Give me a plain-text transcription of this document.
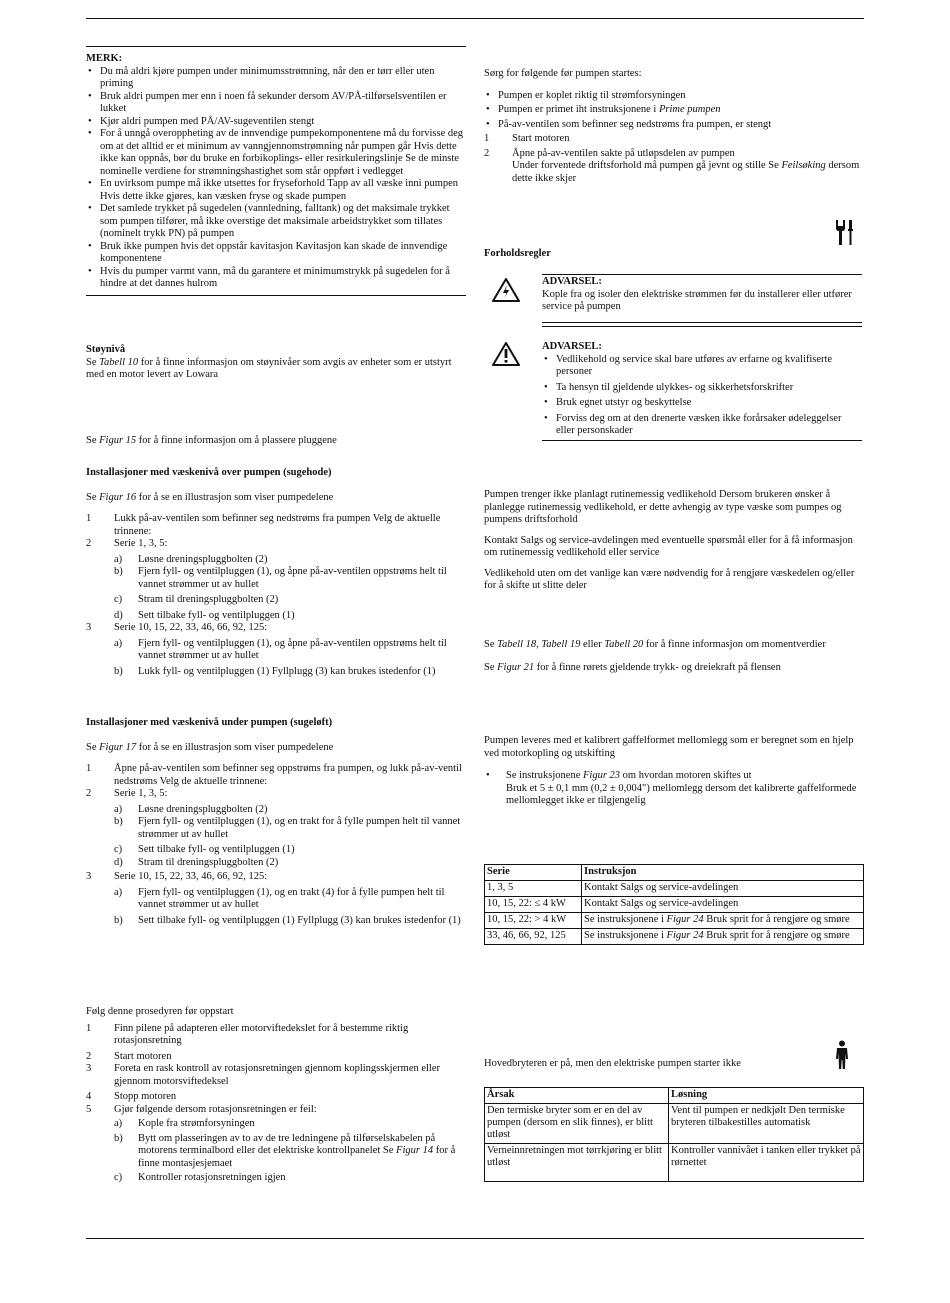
MERK:

• Du må aldri kjøre pumpen under minimumsstrømning, når den er tørr eller uten priming
• Bruk aldri pumpen mer enn i noen få sekunder dersom AV/PÅ-tilførselsventilen er lukket
• Kjør aldri pumpen med PÅ/AV-sugeventilen stengt
• For å unngå overoppheting av de innvendige pumpekomponentene må du forvisse deg om at det alltid er et minimum av vanngjennomstrømning når pumpen går Hvis dette ikke kan oppnås, bør du bruke en forbikoplings- eller resirkuleringslinje Se de minste nominelle verdiene for strømningshastighet som står oppført i vedlegget
• En uvirksom pumpe må ikke utsettes for fryseforhold Tapp av all væske inni pumpen Hvis dette ikke gjøres, kan væsken fryse og skade pumpen
• Det samlede trykket på sugedelen (vannledning, falltank) og det maksimale trykket som pumpen tilfører, må ikke overstige det maksimale arbeidstrykket som tillates (nominelt trykk PN) på pumpen
• Bruk ikke pumpen hvis det oppstår kavitasjon Kavitasjon kan skade de innvendige komponentene
• Hvis du pumper varmt vann, må du garantere et minimumstrykk på sugedelen for å hindre at det dannes hulrom

Støynivå

Se Tabell 10 for å finne informasjon om støynivåer som avgis av enheter som er utstyrt med en motor levert av Lowara

Se Figur 15 for å finne informasjon om å plassere pluggene

Installasjoner med væskenivå over pumpen (sugehode)

Se Figur 16 for å se en illustrasjon som viser pumpedelene

1 Lukk på-av-ventilen som befinner seg nedstrøms fra pumpen Velg de aktuelle trinnene:
2 Serie 1, 3, 5:
a) Løsne dreningspluggbolten (2)
b) Fjern fyll- og ventilpluggen (1), og åpne på-av-ventilen oppstrøms helt til vannet strømmer ut av hullet
c) Stram til dreningspluggbolten (2)
d) Sett tilbake fyll- og ventilpluggen (1)
3 Serie 10, 15, 22, 33, 46, 66, 92, 125:
a) Fjern fyll- og ventilpluggen (1), og åpne på-av-ventilen oppstrøms helt til vannet strømmer ut av hullet
b) Lukk fyll- og ventilpluggen (1) Fyllplugg (3) kan brukes istedenfor (1)

Installasjoner med væskenivå under pumpen (sugeløft)

Se Figur 17 for å se en illustrasjon som viser pumpedelene

1 Åpne på-av-ventilen som befinner seg oppstrøms fra pumpen, og lukk på-av-ventil nedstrøms Velg de aktuelle trinnene:
2 Serie 1, 3, 5:
a) Løsne dreningspluggbolten (2)
b) Fjern fyll- og ventilpluggen (1), og en trakt for å fylle pumpen helt til vannet strømmer ut av hullet
c) Sett tilbake fyll- og ventilpluggen (1)
d) Stram til dreningspluggbolten (2)
3 Serie 10, 15, 22, 33, 46, 66, 92, 125:
a) Fjern fyll- og ventilpluggen (1), og en trakt (4) for å fylle pumpen helt til vannet strømmer ut av hullet
b) Sett tilbake fyll- og ventilpluggen (1) Fyllplugg (3) kan brukes istedenfor (1)

Følg denne prosedyren før oppstart

1 Finn pilene på adapteren eller motorviftedekslet for å bestemme riktig rotasjonsretning
2 Start motoren
3 Foreta en rask kontroll av rotasjonsretningen gjennom koplingsskjermen eller gjennom motorsviftedeksel
4 Stopp motoren
5 Gjør følgende dersom rotasjonsretningen er feil:
a) Kople fra strømforsyningen
b) Bytt om plasseringen av to av de tre ledningene på tilførselskabelen på motorens terminalbord eller det elektriske kontrollpanelet Se Figur 14 for å finne montasjesjemaet
c) Kontroller rotasjonsretningen igjen

Sørg for følgende før pumpen startes:

• Pumpen er koplet riktig til strømforsyningen
• Pumpen er primet iht instruksjonene i Prime pumpen
• På-av-ventilen som befinner seg nedstrøms fra pumpen, er stengt
1 Start motoren
2 Åpne på-av-ventilen sakte på utløpsdelen av pumpen
Under forventede driftsforhold må pumpen gå jevnt og stille Se Feilsøking dersom dette ikke skjer

Forholdsregler

ADVARSEL:

Kople fra og isoler den elektriske strømmen før du installerer eller utfører service på pumpen

ADVARSEL:

• Vedlikehold og service skal bare utføres av erfarne og kvalifiserte personer
• Ta hensyn til gjeldende ulykkes- og sikkerhetsforskrifter
• Bruk egnet utstyr og beskyttelse
• Forviss deg om at den drenerte væsken ikke forårsaker ødeleggelser eller personskader

Pumpen trenger ikke planlagt rutinemessig vedlikehold Dersom brukeren ønsker å planlegge rutinemessig vedlikehold, er dette avhengig av type væske som pumpes og pumpens driftsforhold

Kontakt Salgs og service-avdelingen med eventuelle spørsmål eller for å få informasjon om rutinemessig vedlikehold eller service

Vedlikehold uten om det vanlige kan være nødvendig for å rengjøre væskedelen og/eller for å skifte ut slitte deler

Se Tabell 18, Tabell 19 eller Tabell 20 for å finne informasjon om momentverdier

Se Figur 21 for å finne rørets gjeldende trykk- og dreiekraft på flensen

Pumpen leveres med et kalibrert gaffelformet mellomlegg som er beregnet som en hjelp ved motorkopling og utskifting

• Se instruksjonene Figur 23 om hvordan motoren skiftes ut
Bruk et 5 ± 0,1 mm (0,2 ± 0,004") mellomlegg dersom det kalibrerte gaffelformede mellomlegget ikke er tilgjengelig
Serie	Instruksjon
1, 3, 5	Kontakt Salgs og service-avdelingen
10, 15, 22: ≤ 4 kW	Kontakt Salgs og service-avdelingen
10, 15, 22: > 4 kW	Se instruksjonene i Figur 24 Bruk sprit for å rengjøre og smøre
33, 46, 66, 92, 125	Se instruksjonene i Figur 24 Bruk sprit for å rengjøre og smøre

Hovedbryteren er på, men den elektriske pumpen starter ikke

Årsak	Løsning
Den termiske bryter som er en del av pumpen (dersom en slik finnes), er blitt utløst	Vent til pumpen er nedkjølt Den termiske bryteren tilbakestilles automatisk
Verneinnretningen mot tørrkjøring er blitt utløst	Kontroller vannivået i tanken eller trykket på rørnettet
